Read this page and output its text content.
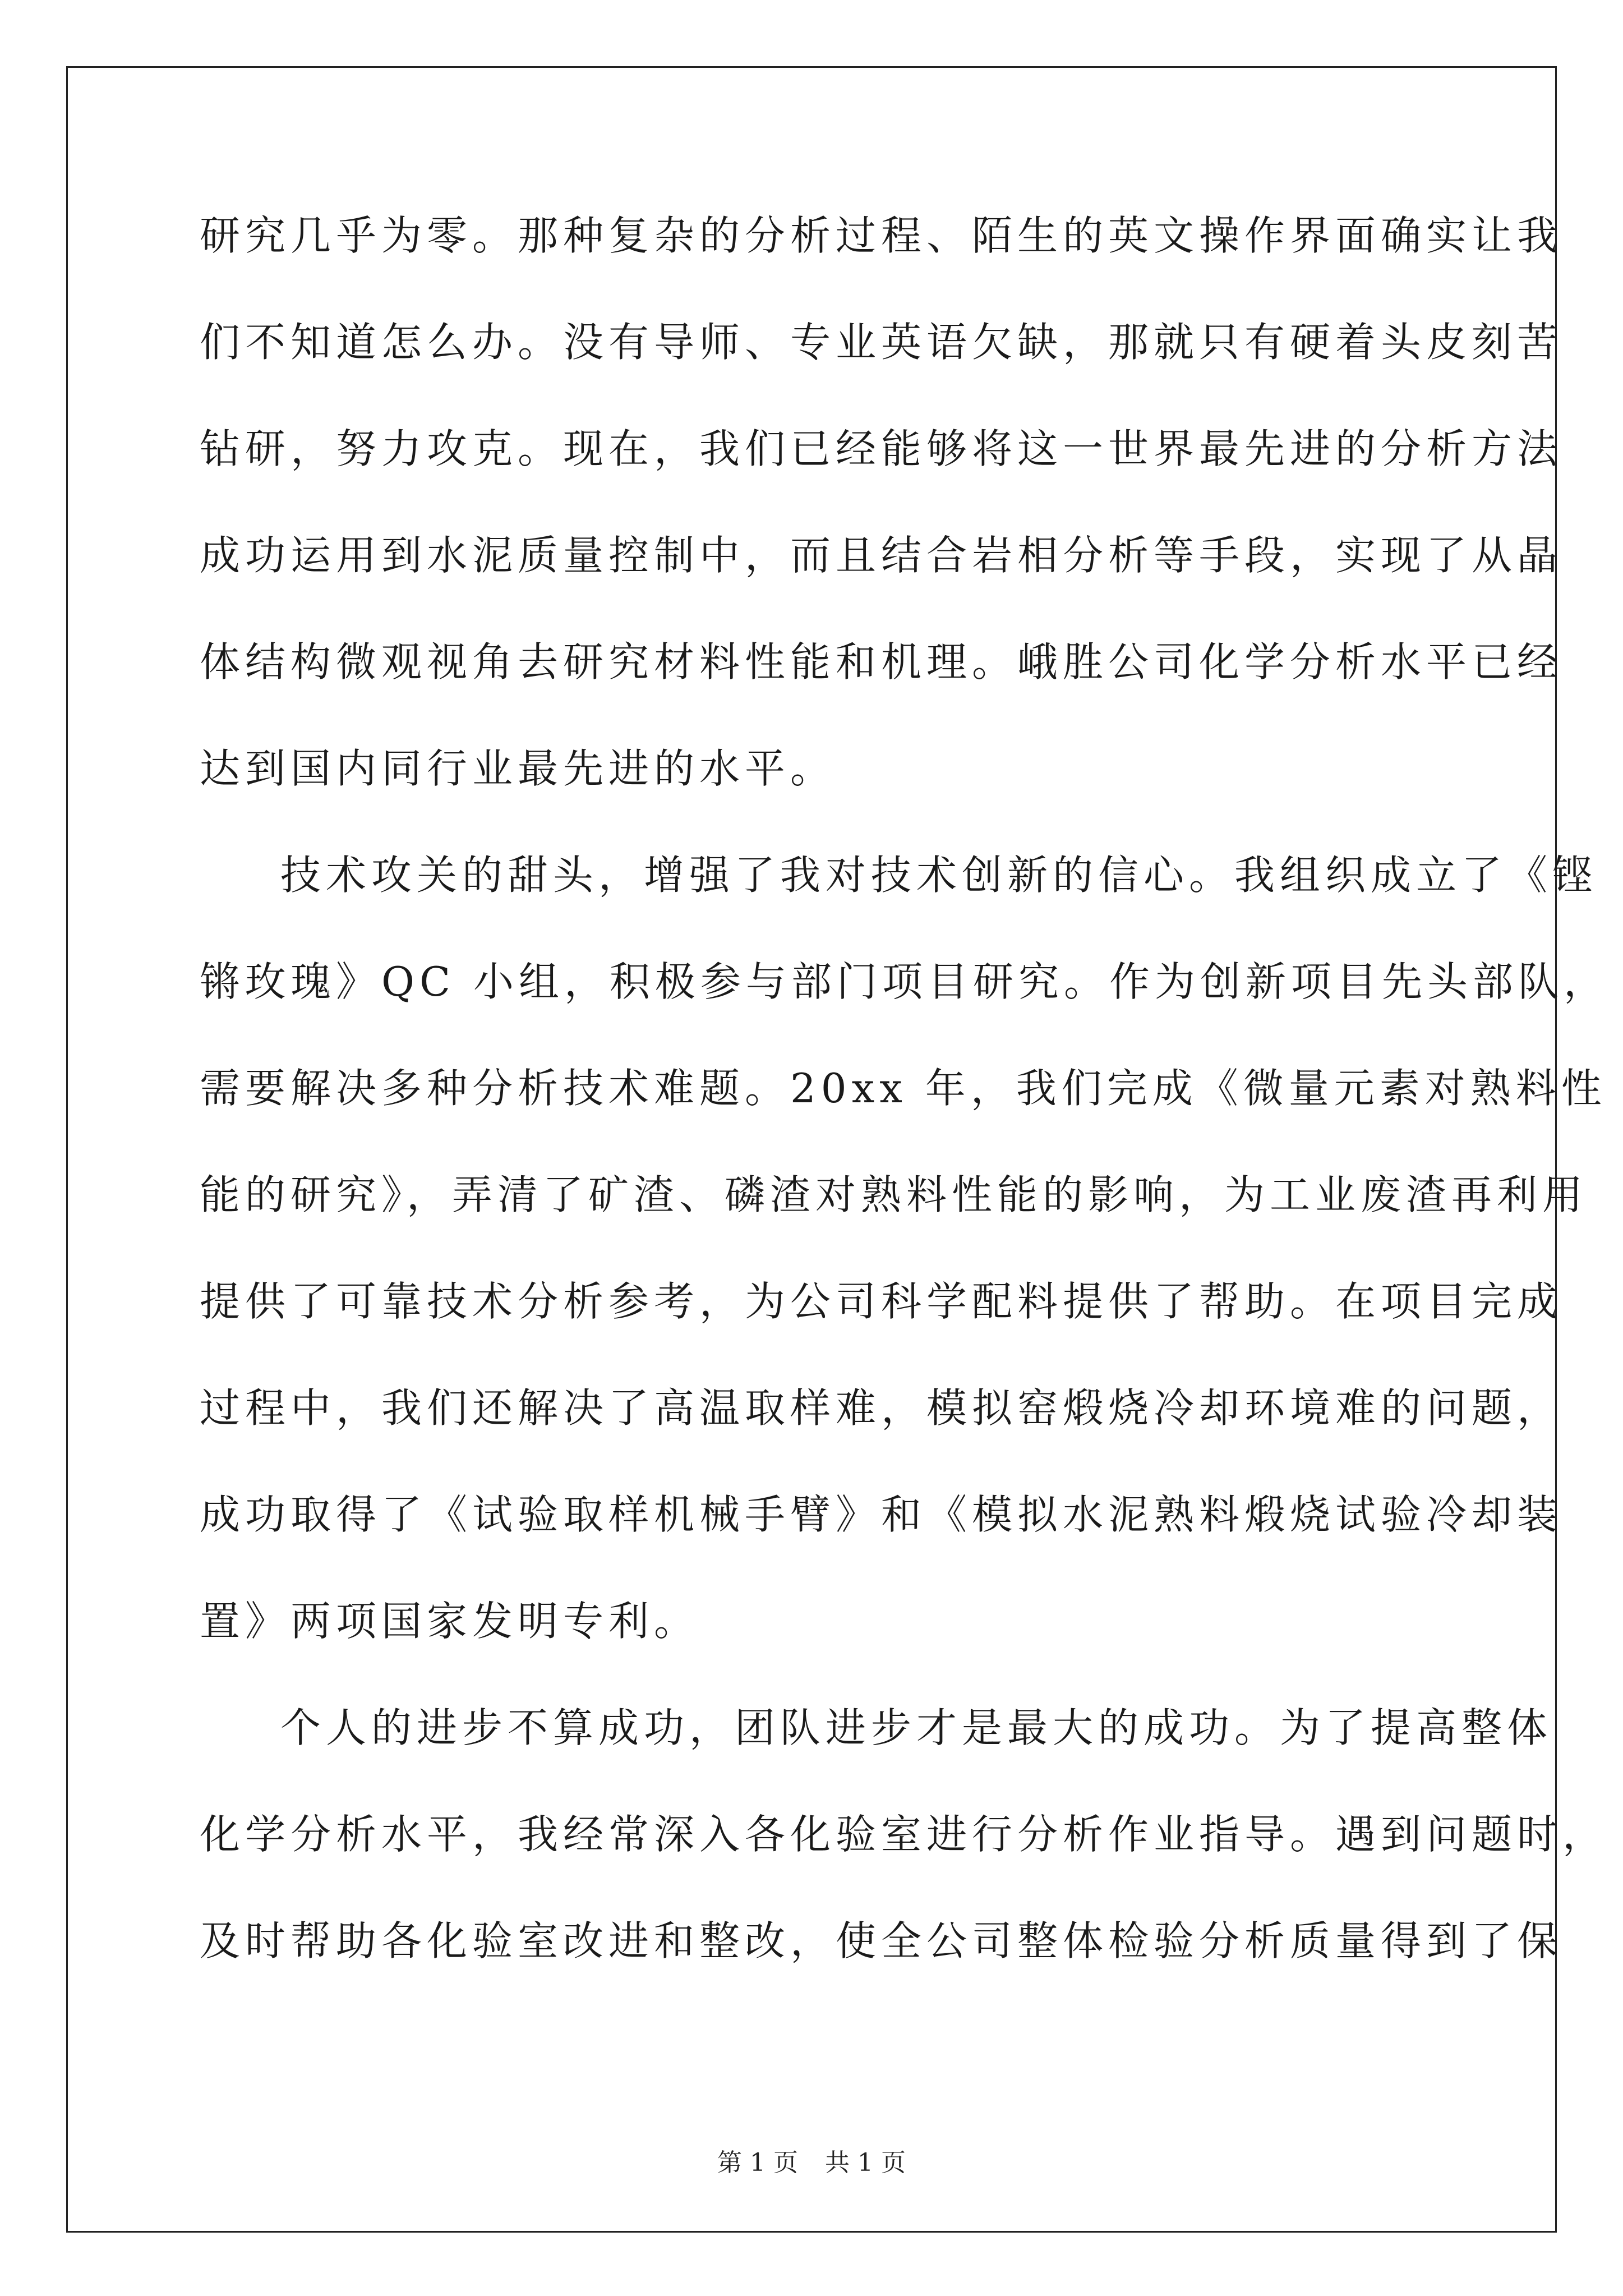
研究几乎为零。那种复杂的分析过程、陌生的英文操作界面确实让我
们不知道怎么办。没有导师、专业英语欠缺，那就只有硬着头皮刻苦
钻研，努力攻克。现在，我们已经能够将这一世界最先进的分析方法
成功运用到水泥质量控制中，而且结合岩相分析等手段，实现了从晶
体结构微观视角去研究材料性能和机理。峨胜公司化学分析水平已经
达到国内同行业最先进的水平。
技术攻关的甜头，增强了我对技术创新的信心。我组织成立了《铿
锵玫瑰》QC 小组，积极参与部门项目研究。作为创新项目先头部队，
需要解决多种分析技术难题。20xx 年，我们完成《微量元素对熟料性
能的研究》，弄清了矿渣、磷渣对熟料性能的影响，为工业废渣再利用
提供了可靠技术分析参考，为公司科学配料提供了帮助。在项目完成
过程中，我们还解决了高温取样难，模拟窑煅烧冷却环境难的问题，
成功取得了《试验取样机械手臂》和《模拟水泥熟料煅烧试验冷却装
置》两项国家发明专利。
个人的进步不算成功，团队进步才是最大的成功。为了提高整体
化学分析水平，我经常深入各化验室进行分析作业指导。遇到问题时，
及时帮助各化验室改进和整改，使全公司整体检验分析质量得到了保
第 1 页 共 1 页
